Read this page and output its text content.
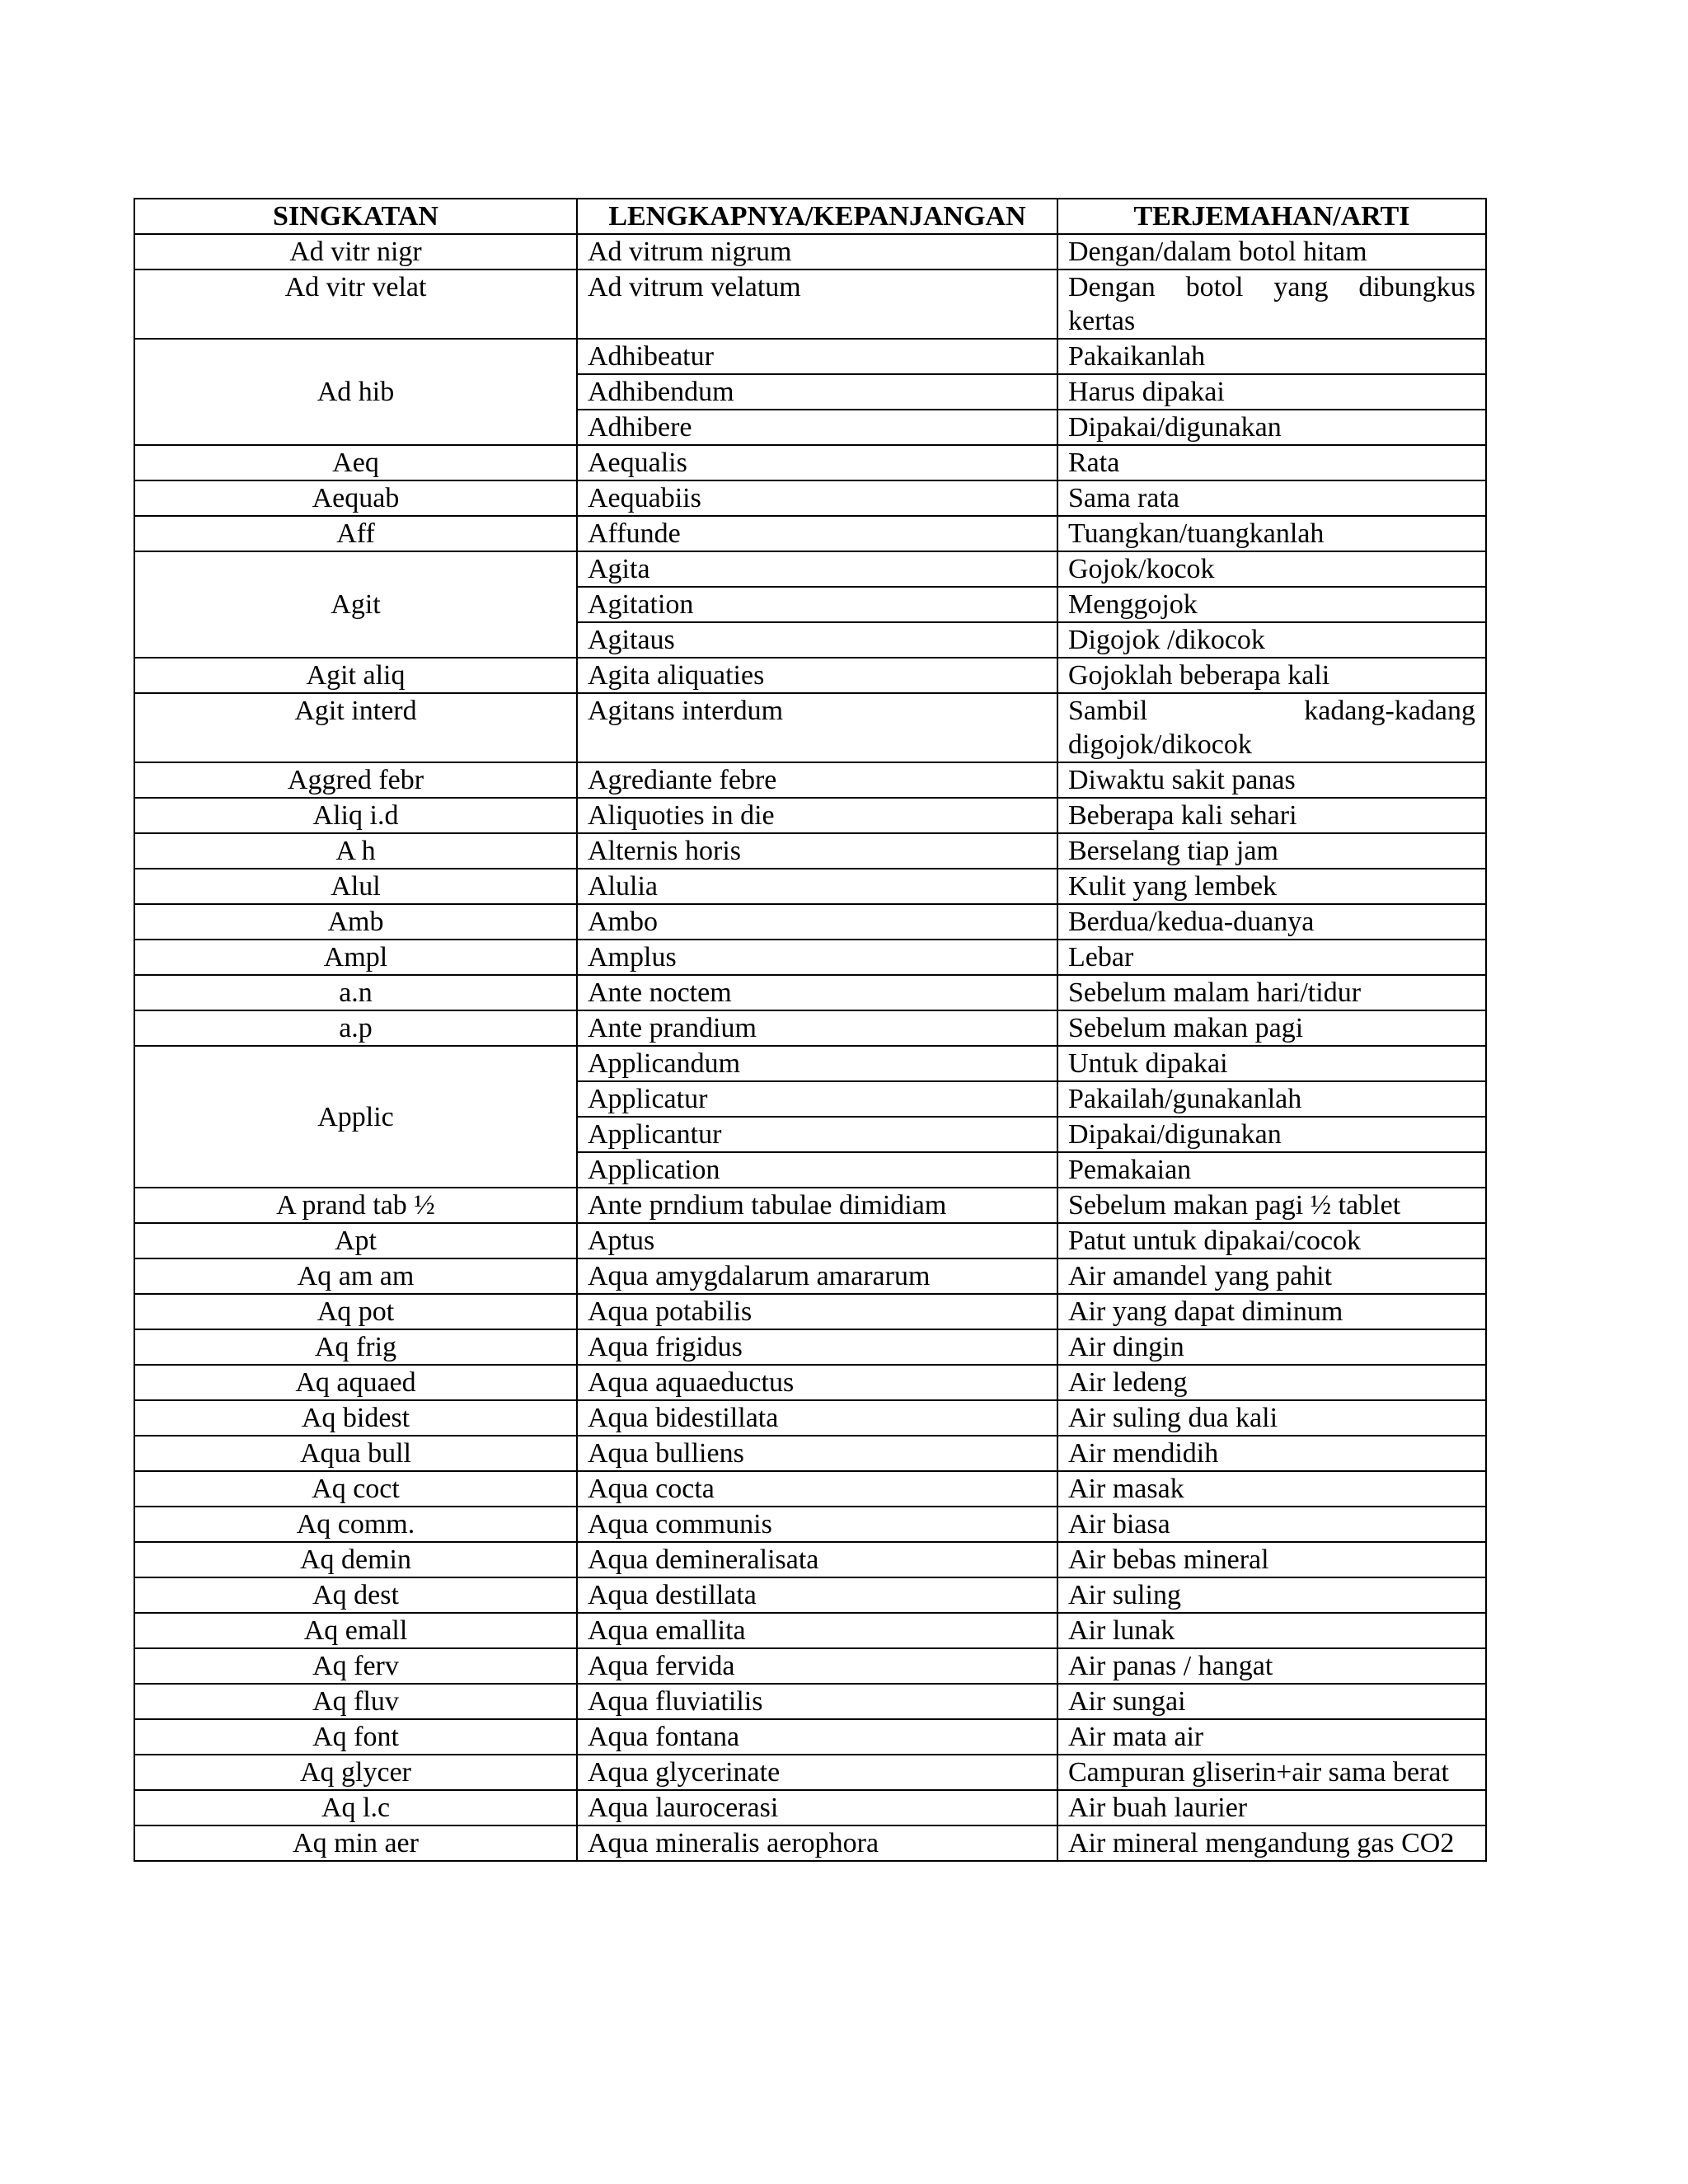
SINGKATAN	LENGKAPNYA/KEPANJANGAN	TERJEMAHAN/ARTI
Ad vitr nigr	Ad vitrum nigrum	Dengan/dalam botol hitam
Ad vitr velat	Ad vitrum velatum	Dengan botol yang dibungkus kertas
Ad hib	Adhibeatur	Pakaikanlah
	Adhibendum	Harus dipakai
	Adhibere	Dipakai/digunakan
Aeq	Aequalis	Rata
Aequab	Aequabiis	Sama rata
Aff	Affunde	Tuangkan/tuangkanlah
Agit	Agita	Gojok/kocok
	Agitation	Menggojok
	Agitaus	Digojok /dikocok
Agit aliq	Agita aliquaties	Gojoklah beberapa kali
Agit interd	Agitans interdum	Sambil kadang-kadang digojok/dikocok
Aggred febr	Agrediante febre	Diwaktu sakit panas
Aliq i.d	Aliquoties in die	Beberapa kali sehari
A h	Alternis horis	Berselang tiap jam
Alul	Alulia	Kulit yang lembek
Amb	Ambo	Berdua/kedua-duanya
Ampl	Amplus	Lebar
a.n	Ante noctem	Sebelum malam hari/tidur
a.p	Ante prandium	Sebelum makan pagi
Applic	Applicandum	Untuk dipakai
	Applicatur	Pakailah/gunakanlah
	Applicantur	Dipakai/digunakan
	Application	Pemakaian
A prand tab ½	Ante prndium tabulae dimidiam	Sebelum makan pagi ½ tablet
Apt	Aptus	Patut untuk dipakai/cocok
Aq am am	Aqua amygdalarum amararum	Air amandel yang pahit
Aq pot	Aqua potabilis	Air yang dapat diminum
Aq frig	Aqua frigidus	Air dingin
Aq aquaed	Aqua aquaeductus	Air ledeng
Aq bidest	Aqua bidestillata	Air suling dua kali
Aqua bull	Aqua bulliens	Air mendidih
Aq coct	Aqua cocta	Air masak
Aq comm.	Aqua communis	Air biasa
Aq demin	Aqua demineralisata	Air bebas mineral
Aq dest	Aqua destillata	Air suling
Aq emall	Aqua emallita	Air lunak
Aq ferv	Aqua fervida	Air panas / hangat
Aq fluv	Aqua fluviatilis	Air sungai
Aq font	Aqua fontana	Air mata air
Aq glycer	Aqua glycerinate	Campuran gliserin+air sama berat
Aq l.c	Aqua laurocerasi	Air buah laurier
Aq min aer	Aqua mineralis aerophora	Air mineral mengandung gas CO2
